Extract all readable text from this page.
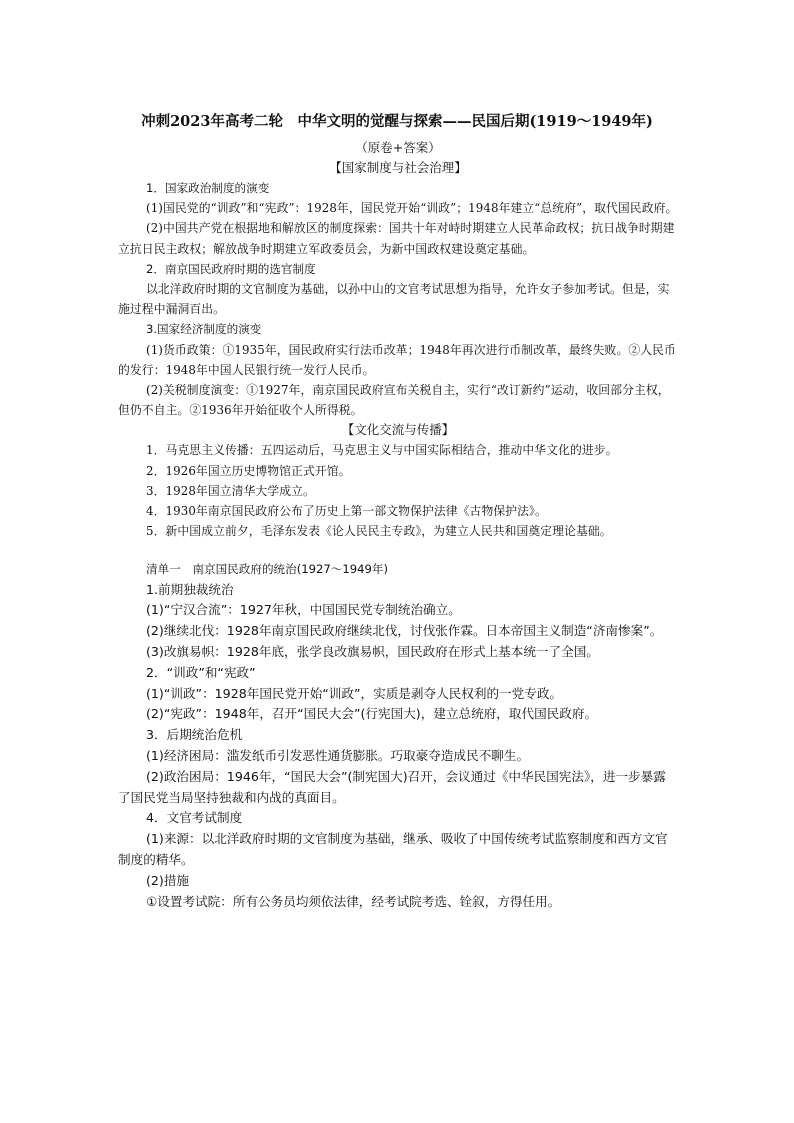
冲刺2023年高考二轮　中华文明的觉醒与探索——民国后期(1919～1949年)
（原卷+答案）
【国家制度与社会治理】

1．国家政治制度的演变

(1)国民党的“训政”和“宪政”：1928年，国民党开始“训政”；1948年建立“总统府”，取代国民政府。

(2)中国共产党在根据地和解放区的制度探索：国共十年对峙时期建立人民革命政权；抗日战争时期建立抗日民主政权；解放战争时期建立军政委员会，为新中国政权建设奠定基础。

2．南京国民政府时期的选官制度

以北洋政府时期的文官制度为基础，以孙中山的文官考试思想为指导，允许女子参加考试。但是，实施过程中漏洞百出。

3.国家经济制度的演变

(1)货币政策：①1935年，国民政府实行法币改革；1948年再次进行币制改革，最终失败。②人民币的发行：1948年中国人民银行统一发行人民币。

(2)关税制度演变：①1927年，南京国民政府宣布关税自主，实行“改订新约”运动，收回部分主权，但仍不自主。②1936年开始征收个人所得税。

【文化交流与传播】

1．马克思主义传播：五四运动后，马克思主义与中国实际相结合，推动中华文化的进步。

2．1926年国立历史博物馆正式开馆。

3．1928年国立清华大学成立。

4．1930年南京国民政府公布了历史上第一部文物保护法律《古物保护法》。

5．新中国成立前夕，毛泽东发表《论人民民主专政》，为建立人民共和国奠定理论基础。

清单一　南京国民政府的统治(1927～1949年)

1.前期独裁统治

(1)“宁汉合流”：1927年秋，中国国民党专制统治确立。

(2)继续北伐：1928年南京国民政府继续北伐，讨伐张作霖。日本帝国主义制造“济南惨案”。

(3)改旗易帜：1928年底，张学良改旗易帜，国民政府在形式上基本统一了全国。

2．“训政”和“宪政”

(1)“训政”：1928年国民党开始“训政”，实质是剥夺人民权利的一党专政。

(2)“宪政”：1948年，召开“国民大会”(行宪国大)，建立总统府，取代国民政府。

3．后期统治危机

(1)经济困局：滥发纸币引发恶性通货膨胀。巧取豪夺造成民不聊生。

(2)政治困局：1946年，“国民大会”(制宪国大)召开，会议通过《中华民国宪法》，进一步暴露了国民党当局坚持独裁和内战的真面目。

4．文官考试制度

(1)来源：以北洋政府时期的文官制度为基础，继承、吸收了中国传统考试监察制度和西方文官制度的精华。

(2)措施

①设置考试院：所有公务员均须依法律，经考试院考选、铨叙，方得任用。
